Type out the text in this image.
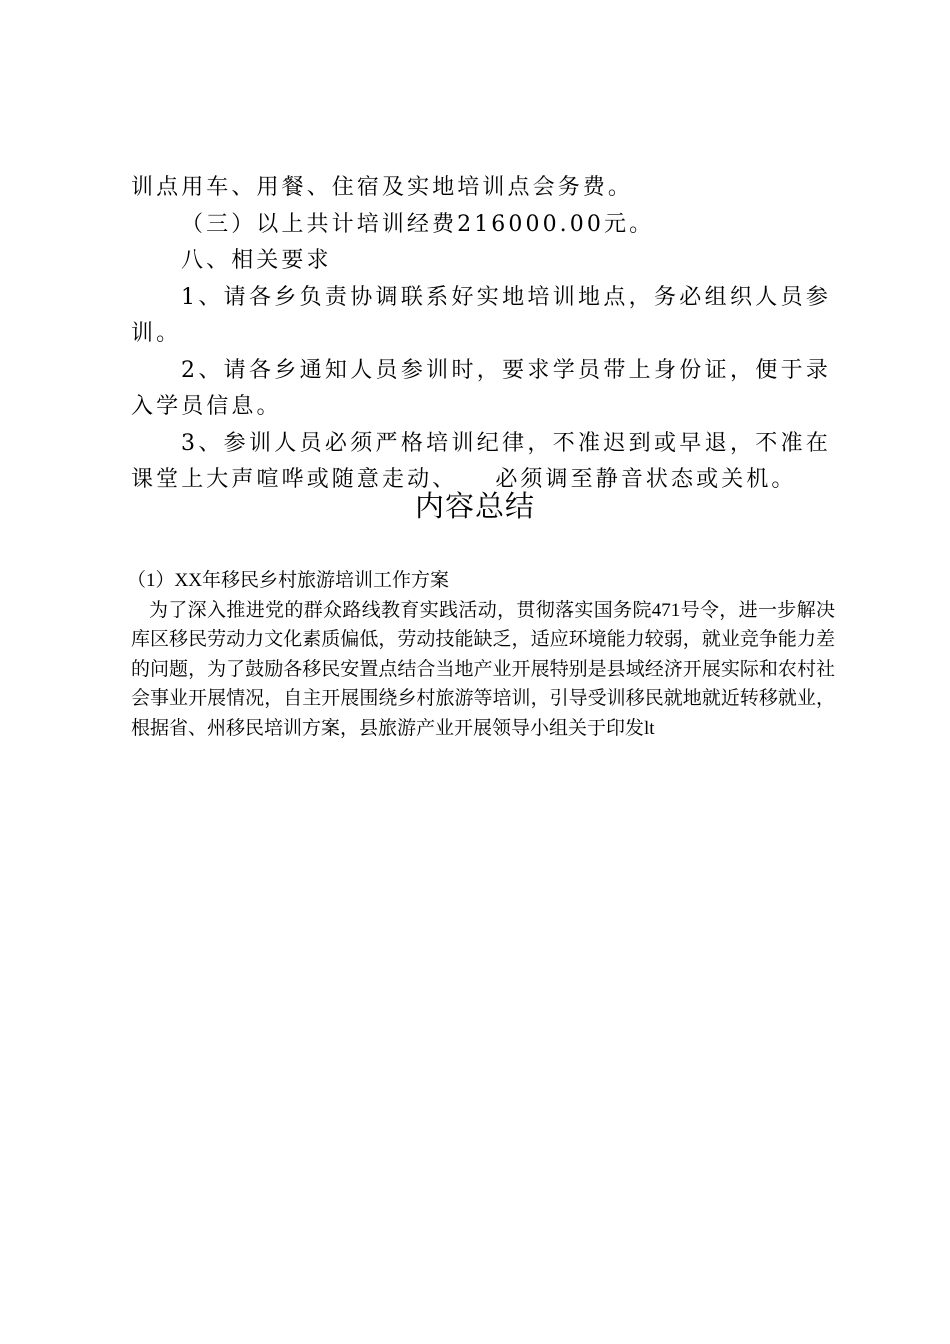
训点用车、用餐、住宿及实地培训点会务费。

（三）以上共计培训经费216000.00元。

八、相关要求

1、请各乡负责协调联系好实地培训地点，务必组织人员参训。

2、请各乡通知人员参训时，要求学员带上身份证，便于录入学员信息。

3、参训人员必须严格培训纪律，不准迟到或早退，不准在课堂上大声喧哗或随意走动、 必须调至静音状态或关机。

内容总结

（1）XX年移民乡村旅游培训工作方案

为了深入推进党的群众路线教育实践活动，贯彻落实国务院471号令，进一步解决库区移民劳动力文化素质偏低，劳动技能缺乏，适应环境能力较弱，就业竞争能力差的问题，为了鼓励各移民安置点结合当地产业开展特别是县域经济开展实际和农村社会事业开展情况，自主开展围绕乡村旅游等培训，引导受训移民就地就近转移就业，根据省、州移民培训方案，县旅游产业开展领导小组关于印发lt
